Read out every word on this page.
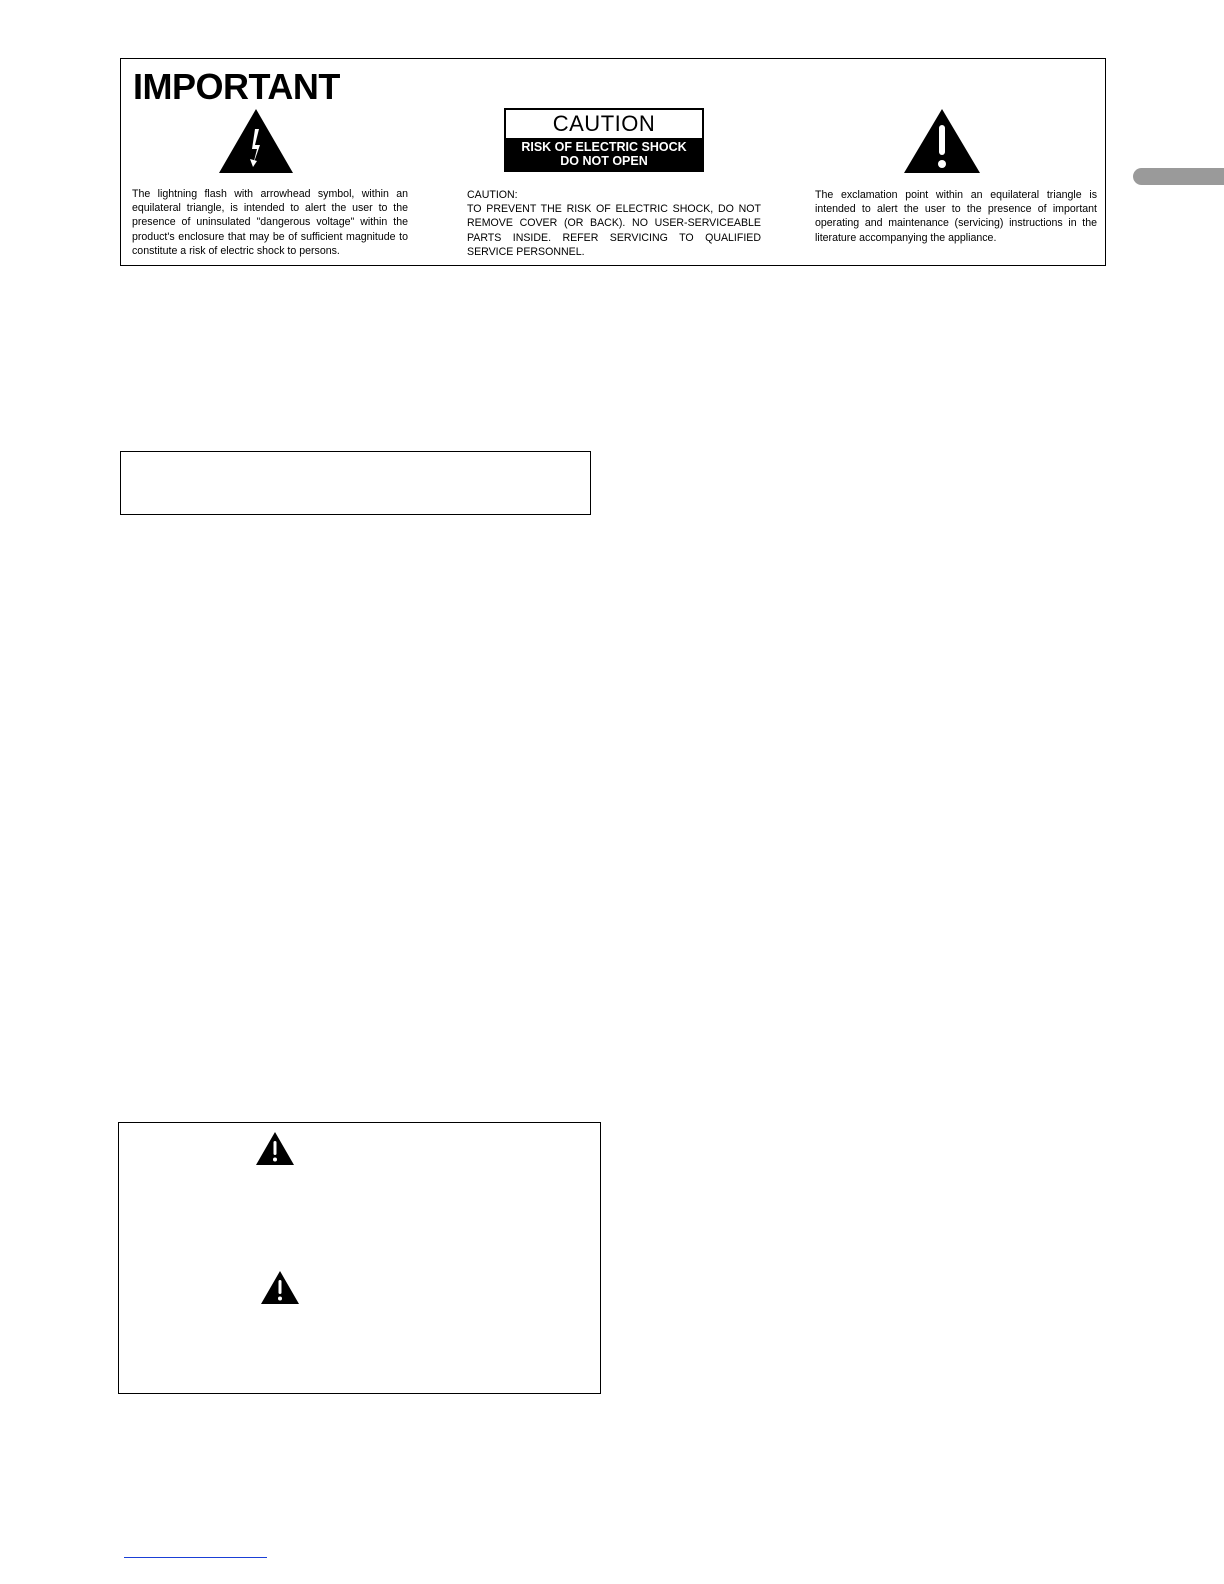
IMPORTANT
The lightning flash with arrowhead symbol, within an equilateral triangle, is intended to alert the user to the presence of uninsulated "dangerous voltage" within the product's enclosure that may be of sufficient magnitude to constitute a risk of electric shock to persons.
CAUTION
RISK OF ELECTRIC SHOCK
DO NOT OPEN
CAUTION:
TO PREVENT THE RISK OF ELECTRIC SHOCK, DO NOT REMOVE COVER (OR BACK). NO USER-SERVICEABLE PARTS INSIDE. REFER SERVICING TO QUALIFIED SERVICE PERSONNEL.
The exclamation point within an equilateral triangle is intended to alert the user to the presence of important operating and maintenance (servicing) instructions in the literature accompanying the appliance.
